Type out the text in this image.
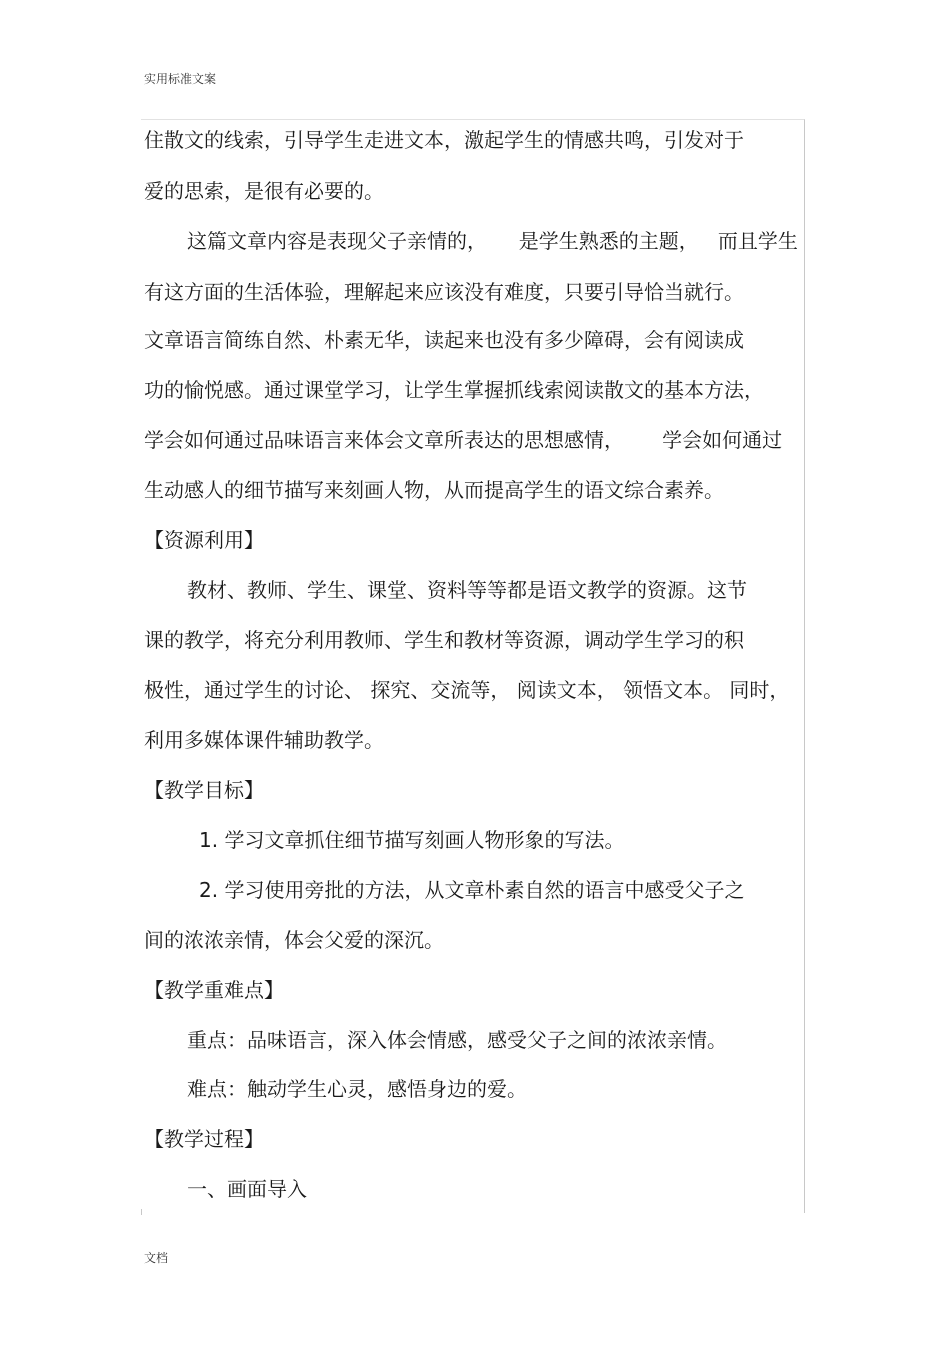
实用标准文案
住散文的线索，引导学生走进文本，激起学生的情感共鸣，引发对于
爱的思索，是很有必要的。
这篇文章内容是表现父子亲情的，     是学生熟悉的主题，   而且学生
有这方面的生活体验，理解起来应该没有难度，只要引导恰当就行。
文章语言简练自然、朴素无华，读起来也没有多少障碍，会有阅读成
功的愉悦感。通过课堂学习，让学生掌握抓线索阅读散文的基本方法，
学会如何通过品味语言来体会文章所表达的思想感情，      学会如何通过
生动感人的细节描写来刻画人物，从而提高学生的语文综合素养。
【资源利用】
教材、教师、学生、课堂、资料等等都是语文教学的资源。这节
课的教学，将充分利用教师、学生和教材等资源，调动学生学习的积
极性，通过学生的讨论、 探究、交流等， 阅读文本， 领悟文本。 同时，
利用多媒体课件辅助教学。
【教学目标】
1. 学习文章抓住细节描写刻画人物形象的写法。
2. 学习使用旁批的方法，从文章朴素自然的语言中感受父子之
间的浓浓亲情，体会父爱的深沉。
【教学重难点】
重点：品味语言，深入体会情感，感受父子之间的浓浓亲情。
难点：触动学生心灵，感悟身边的爱。
【教学过程】
一、画面导入
文档
